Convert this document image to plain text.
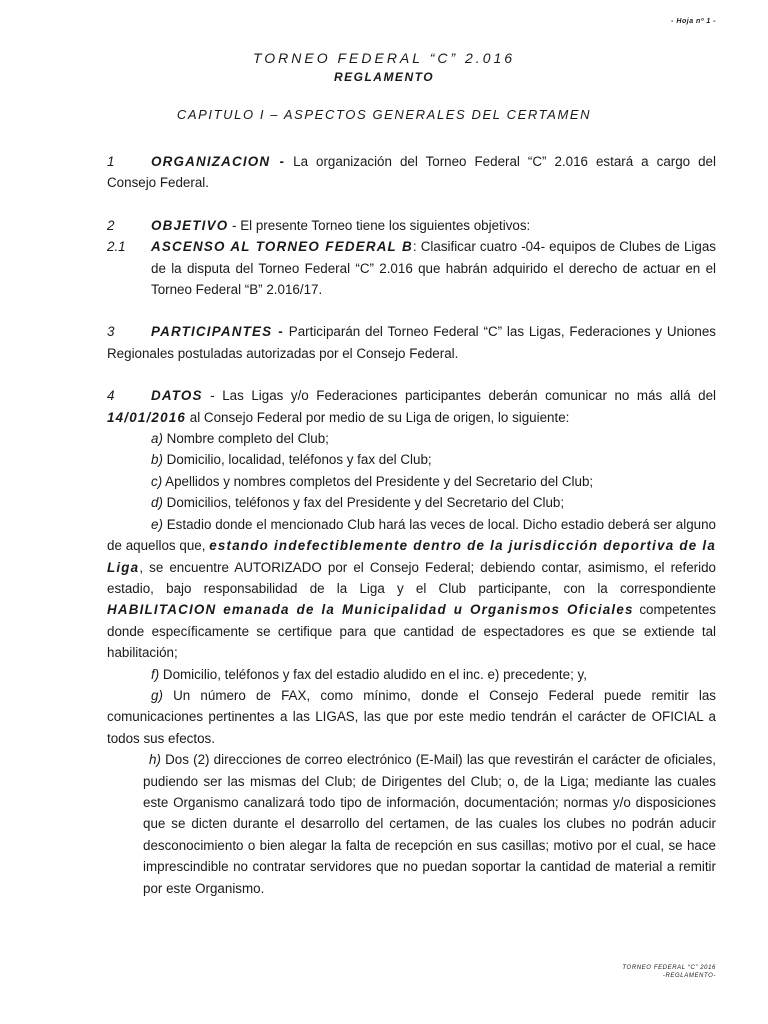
- Hoja nº 1 -
TORNEO FEDERAL “C” 2.016
REGLAMENTO
CAPITULO I – ASPECTOS GENERALES DEL CERTAMEN

1	ORGANIZACION - La organización del Torneo Federal “C” 2.016 estará a cargo del Consejo Federal.

2	OBJETIVO - El presente Torneo tiene los siguientes objetivos:

2.1	ASCENSO AL TORNEO FEDERAL B: Clasificar cuatro -04- equipos de Clubes de Ligas de la disputa del Torneo Federal “C” 2.016 que habrán adquirido el derecho de actuar en el Torneo Federal “B” 2.016/17.

3	PARTICIPANTES - Participarán del Torneo Federal “C” las Ligas, Federaciones y Uniones Regionales postuladas autorizadas por el Consejo Federal.

4	DATOS - Las Ligas y/o Federaciones participantes deberán comunicar no más allá del 14/01/2016 al Consejo Federal por medio de su Liga de origen, lo siguiente:

a) Nombre completo del Club;

b) Domicilio, localidad, teléfonos y fax del Club;

c) Apellidos y nombres completos del Presidente y del Secretario del Club;

d) Domicilios, teléfonos y fax del Presidente y del Secretario del Club;

e) Estadio donde el mencionado Club hará las veces de local. Dicho estadio deberá ser alguno de aquellos que, estando indefectiblemente dentro de la jurisdicción deportiva de la Liga, se encuentre AUTORIZADO por el Consejo Federal; debiendo contar, asimismo, el referido estadio, bajo responsabilidad de la Liga y el Club participante, con la correspondiente HABILITACION emanada de la Municipalidad u Organismos Oficiales competentes donde específicamente se certifique para que cantidad de espectadores es que se extiende tal habilitación;

f) Domicilio, teléfonos y fax del estadio aludido en el inc. e) precedente; y,

g) Un número de FAX, como mínimo, donde el Consejo Federal puede remitir las comunicaciones pertinentes a las LIGAS, las que por este medio tendrán el carácter de OFICIAL a todos sus efectos.

h) Dos (2) direcciones de correo electrónico (E-Mail) las que revestirán el carácter de oficiales, pudiendo ser las mismas del Club; de Dirigentes del Club; o, de la Liga; mediante las cuales este Organismo canalizará todo tipo de información, documentación; normas y/o disposiciones que se dicten durante el desarrollo del certamen, de las cuales los clubes no podrán aducir desconocimiento o bien alegar la falta de recepción en sus casillas; motivo por el cual, se hace imprescindible no contratar servidores que no puedan soportar la cantidad de material a remitir por este Organismo.

TORNEO FEDERAL “C” 2016
-REGLAMENTO-
